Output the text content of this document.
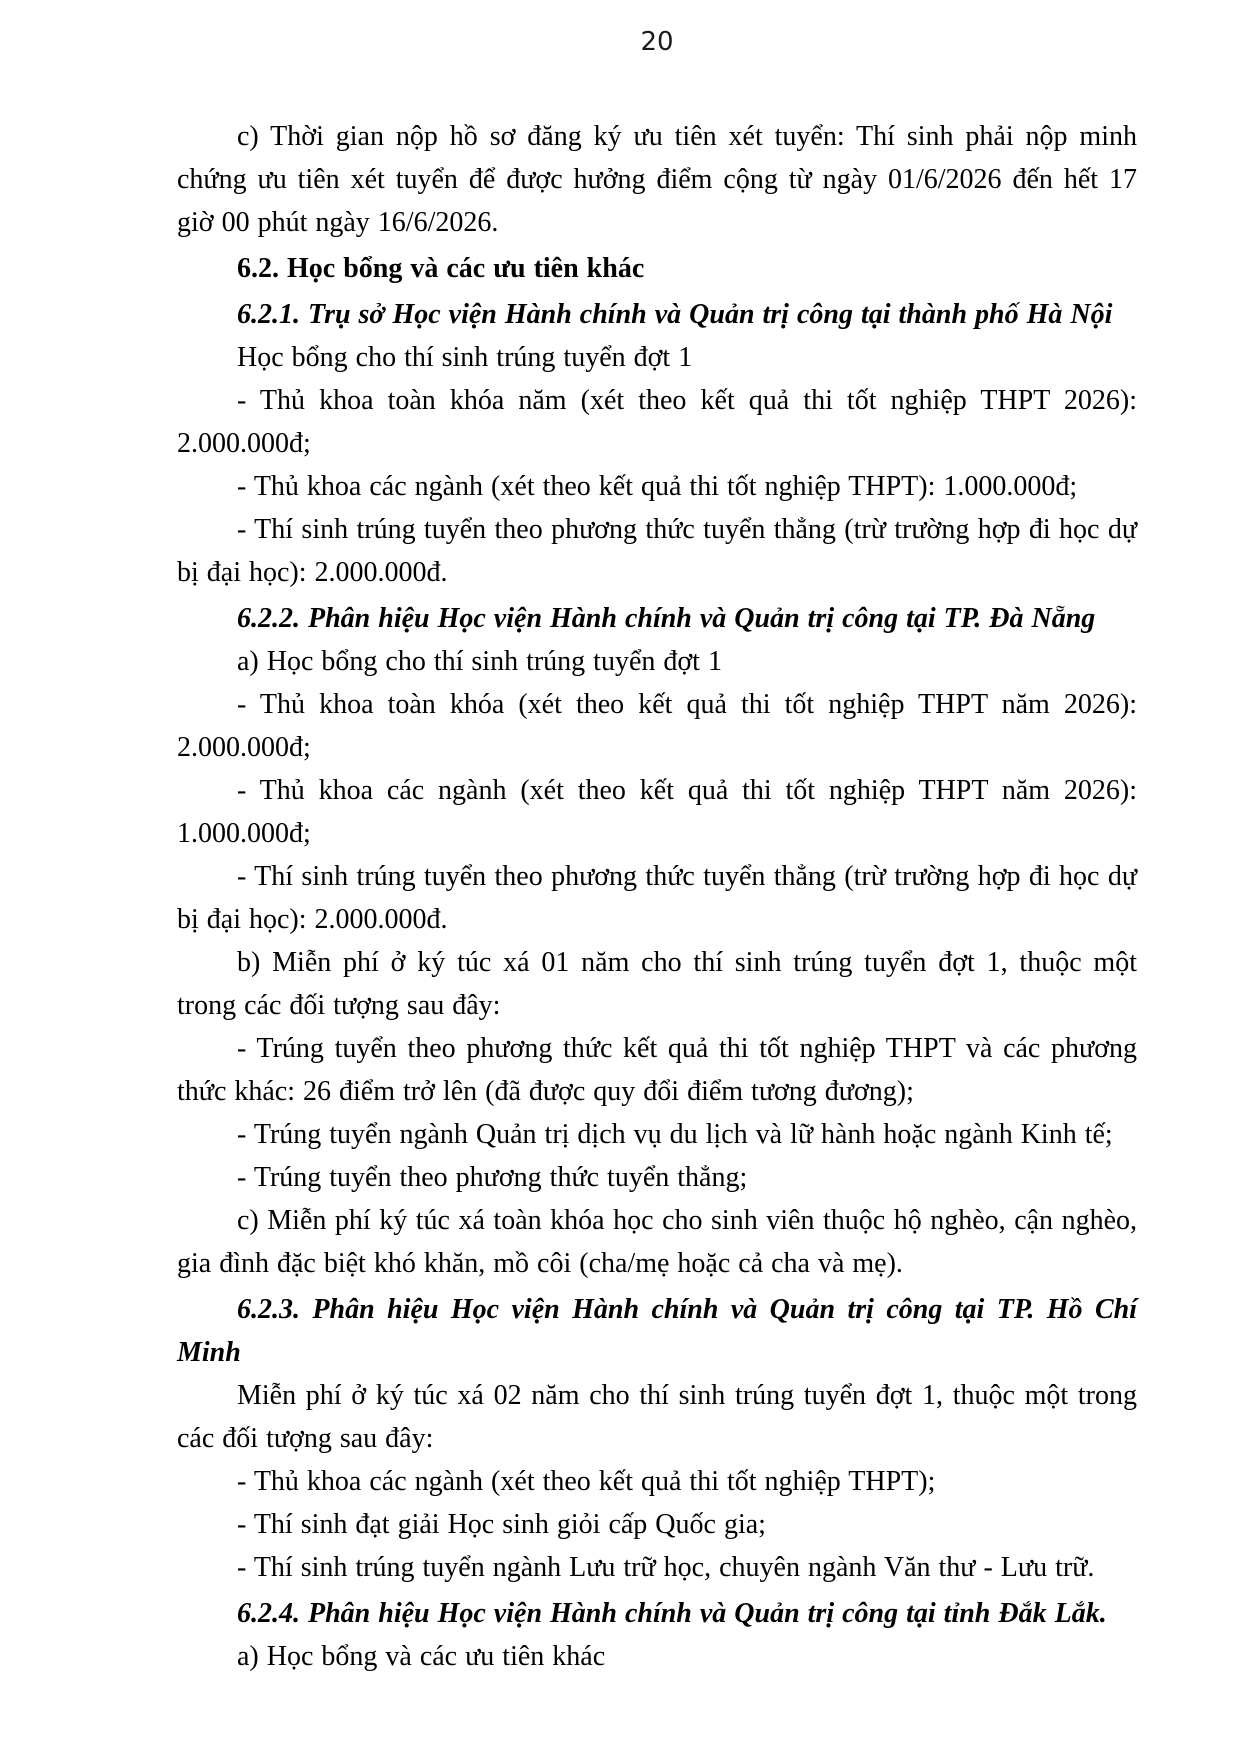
20

c) Thời gian nộp hồ sơ đăng ký ưu tiên xét tuyển: Thí sinh phải nộp minh chứng ưu tiên xét tuyển để được hưởng điểm cộng từ ngày 01/6/2026 đến hết 17 giờ 00 phút ngày 16/6/2026.

6.2. Học bổng và các ưu tiên khác

6.2.1. Trụ sở Học viện Hành chính và Quản trị công tại thành phố Hà Nội

Học bổng cho thí sinh trúng tuyển đợt 1

- Thủ khoa toàn khóa năm (xét theo kết quả thi tốt nghiệp THPT 2026): 2.000.000đ;

- Thủ khoa các ngành (xét theo kết quả thi tốt nghiệp THPT): 1.000.000đ;

- Thí sinh trúng tuyển theo phương thức tuyển thẳng (trừ trường hợp đi học dự bị đại học): 2.000.000đ.

6.2.2. Phân hiệu Học viện Hành chính và Quản trị công tại TP. Đà Nẵng

a) Học bổng cho thí sinh trúng tuyển đợt 1

- Thủ khoa toàn khóa (xét theo kết quả thi tốt nghiệp THPT năm 2026): 2.000.000đ;

- Thủ khoa các ngành (xét theo kết quả thi tốt nghiệp THPT năm 2026): 1.000.000đ;

- Thí sinh trúng tuyển theo phương thức tuyển thẳng (trừ trường hợp đi học dự bị đại học): 2.000.000đ.

b) Miễn phí ở ký túc xá 01 năm cho thí sinh trúng tuyển đợt 1, thuộc một trong các đối tượng sau đây:

- Trúng tuyển theo phương thức kết quả thi tốt nghiệp THPT và các phương thức khác: 26 điểm trở lên (đã được quy đổi điểm tương đương);

- Trúng tuyển ngành Quản trị dịch vụ du lịch và lữ hành hoặc ngành Kinh tế;

- Trúng tuyển theo phương thức tuyển thẳng;

c) Miễn phí ký túc xá toàn khóa học cho sinh viên thuộc hộ nghèo, cận nghèo, gia đình đặc biệt khó khăn, mồ côi (cha/mẹ hoặc cả cha và mẹ).

6.2.3. Phân hiệu Học viện Hành chính và Quản trị công tại TP. Hồ Chí Minh

Miễn phí ở ký túc xá 02 năm cho thí sinh trúng tuyển đợt 1, thuộc một trong các đối tượng sau đây:

- Thủ khoa các ngành (xét theo kết quả thi tốt nghiệp THPT);

- Thí sinh đạt giải Học sinh giỏi cấp Quốc gia;

- Thí sinh trúng tuyển ngành Lưu trữ học, chuyên ngành Văn thư - Lưu trữ.

6.2.4. Phân hiệu Học viện Hành chính và Quản trị công tại tỉnh Đắk Lắk.

a) Học bổng và các ưu tiên khác
